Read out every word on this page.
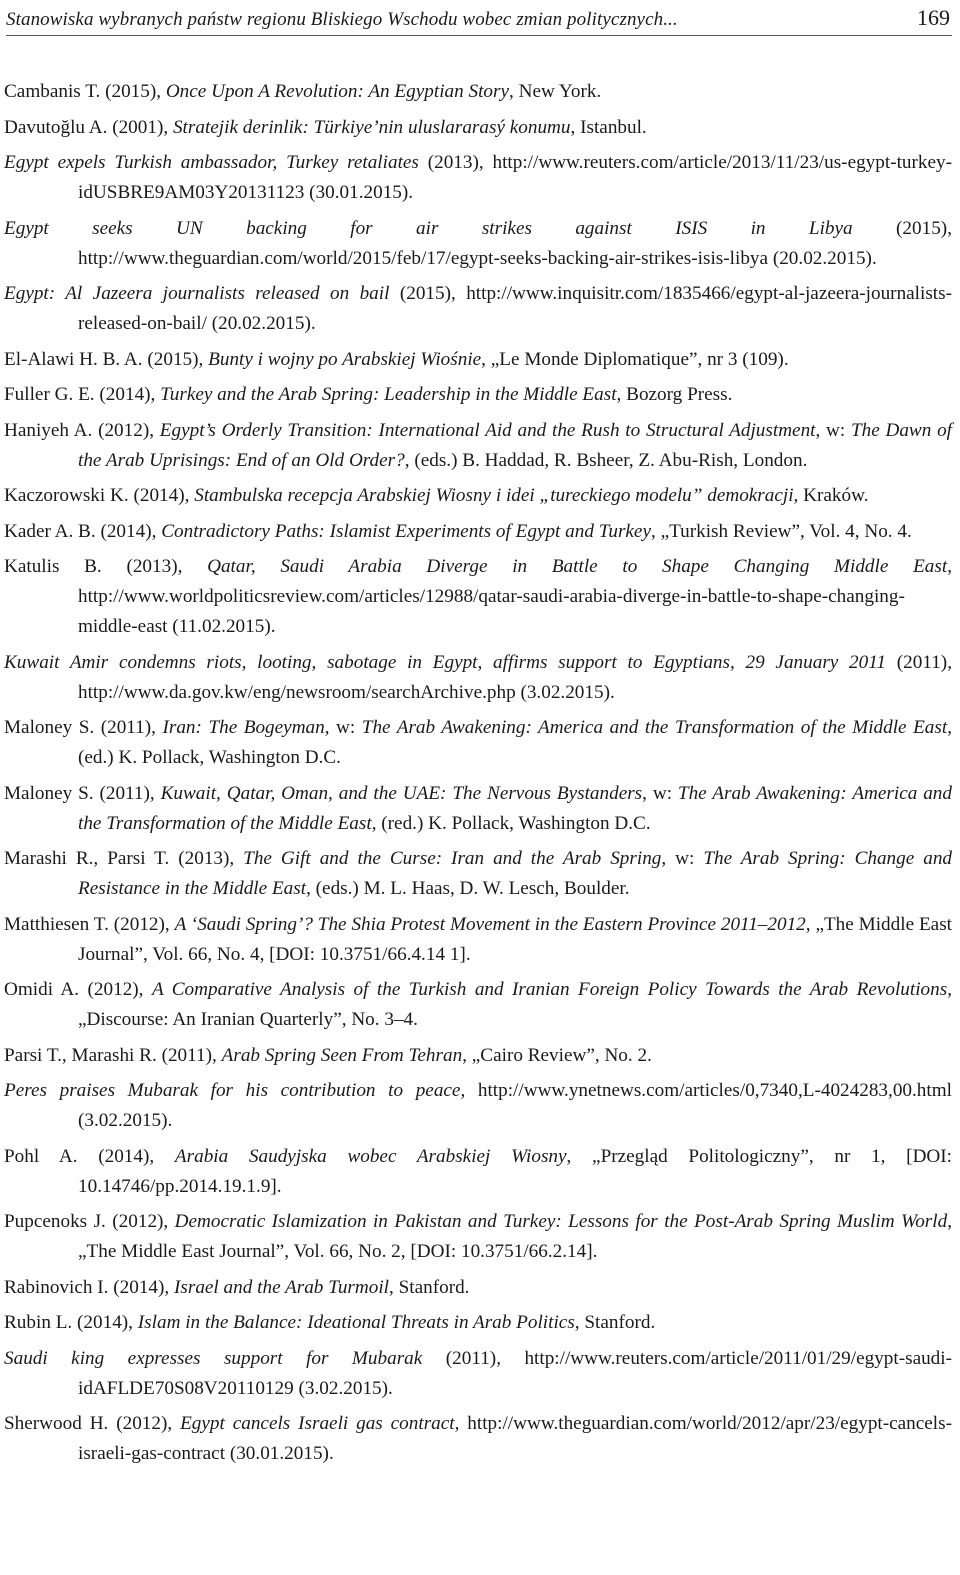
Stanowiska wybranych państw regionu Bliskiego Wschodu wobec zmian politycznych...	169
Cambanis T. (2015), Once Upon A Revolution: An Egyptian Story, New York.
Davutoğlu A. (2001), Stratejik derinlik: Türkiye’nin uluslararasý konumu, Istanbul.
Egypt expels Turkish ambassador, Turkey retaliates (2013), http://www.reuters.com/article/2013/11/23/us-egypt-turkey-idUSBRE9AM03Y20131123 (30.01.2015).
Egypt seeks UN backing for air strikes against ISIS in Libya (2015), http://www.theguardian.com/world/2015/feb/17/egypt-seeks-backing-air-strikes-isis-libya (20.02.2015).
Egypt: Al Jazeera journalists released on bail (2015), http://www.inquisitr.com/1835466/egypt-al-jazeera-journalists-released-on-bail/ (20.02.2015).
El-Alawi H. B. A. (2015), Bunty i wojny po Arabskiej Wiośnie, „Le Monde Diplomatique”, nr 3 (109).
Fuller G. E. (2014), Turkey and the Arab Spring: Leadership in the Middle East, Bozorg Press.
Haniyeh A. (2012), Egypt’s Orderly Transition: International Aid and the Rush to Structural Adjustment, w: The Dawn of the Arab Uprisings: End of an Old Order?, (eds.) B. Haddad, R. Bsheer, Z. Abu-Rish, London.
Kaczorowski K. (2014), Stambulska recepcja Arabskiej Wiosny i idei „tureckiego modelu” demokracji, Kraków.
Kader A. B. (2014), Contradictory Paths: Islamist Experiments of Egypt and Turkey, „Turkish Review”, Vol. 4, No. 4.
Katulis B. (2013), Qatar, Saudi Arabia Diverge in Battle to Shape Changing Middle East, http://www.worldpoliticsreview.com/articles/12988/qatar-saudi-arabia-diverge-in-battle-to-shape-changing-middle-east (11.02.2015).
Kuwait Amir condemns riots, looting, sabotage in Egypt, affirms support to Egyptians, 29 January 2011 (2011), http://www.da.gov.kw/eng/newsroom/searchArchive.php (3.02.2015).
Maloney S. (2011), Iran: The Bogeyman, w: The Arab Awakening: America and the Transformation of the Middle East, (ed.) K. Pollack, Washington D.C.
Maloney S. (2011), Kuwait, Qatar, Oman, and the UAE: The Nervous Bystanders, w: The Arab Awakening: America and the Transformation of the Middle East, (red.) K. Pollack, Washington D.C.
Marashi R., Parsi T. (2013), The Gift and the Curse: Iran and the Arab Spring, w: The Arab Spring: Change and Resistance in the Middle East, (eds.) M. L. Haas, D. W. Lesch, Boulder.
Matthiesen T. (2012), A ‘Saudi Spring’? The Shia Protest Movement in the Eastern Province 2011–2012, „The Middle East Journal”, Vol. 66, No. 4, [DOI: 10.3751/66.4.14 1].
Omidi A. (2012), A Comparative Analysis of the Turkish and Iranian Foreign Policy Towards the Arab Revolutions, „Discourse: An Iranian Quarterly”, No. 3–4.
Parsi T., Marashi R. (2011), Arab Spring Seen From Tehran, „Cairo Review”, No. 2.
Peres praises Mubarak for his contribution to peace, http://www.ynetnews.com/articles/0,7340,L-4024283,00.html (3.02.2015).
Pohl A. (2014), Arabia Saudyjska wobec Arabskiej Wiosny, „Przegląd Politologiczny”, nr 1, [DOI: 10.14746/pp.2014.19.1.9].
Pupcenoks J. (2012), Democratic Islamization in Pakistan and Turkey: Lessons for the Post-Arab Spring Muslim World, „The Middle East Journal”, Vol. 66, No. 2, [DOI: 10.3751/66.2.14].
Rabinovich I. (2014), Israel and the Arab Turmoil, Stanford.
Rubin L. (2014), Islam in the Balance: Ideational Threats in Arab Politics, Stanford.
Saudi king expresses support for Mubarak (2011), http://www.reuters.com/article/2011/01/29/egypt-saudi-idAFLDE70S08V20110129 (3.02.2015).
Sherwood H. (2012), Egypt cancels Israeli gas contract, http://www.theguardian.com/world/2012/apr/23/egypt-cancels-israeli-gas-contract (30.01.2015).
